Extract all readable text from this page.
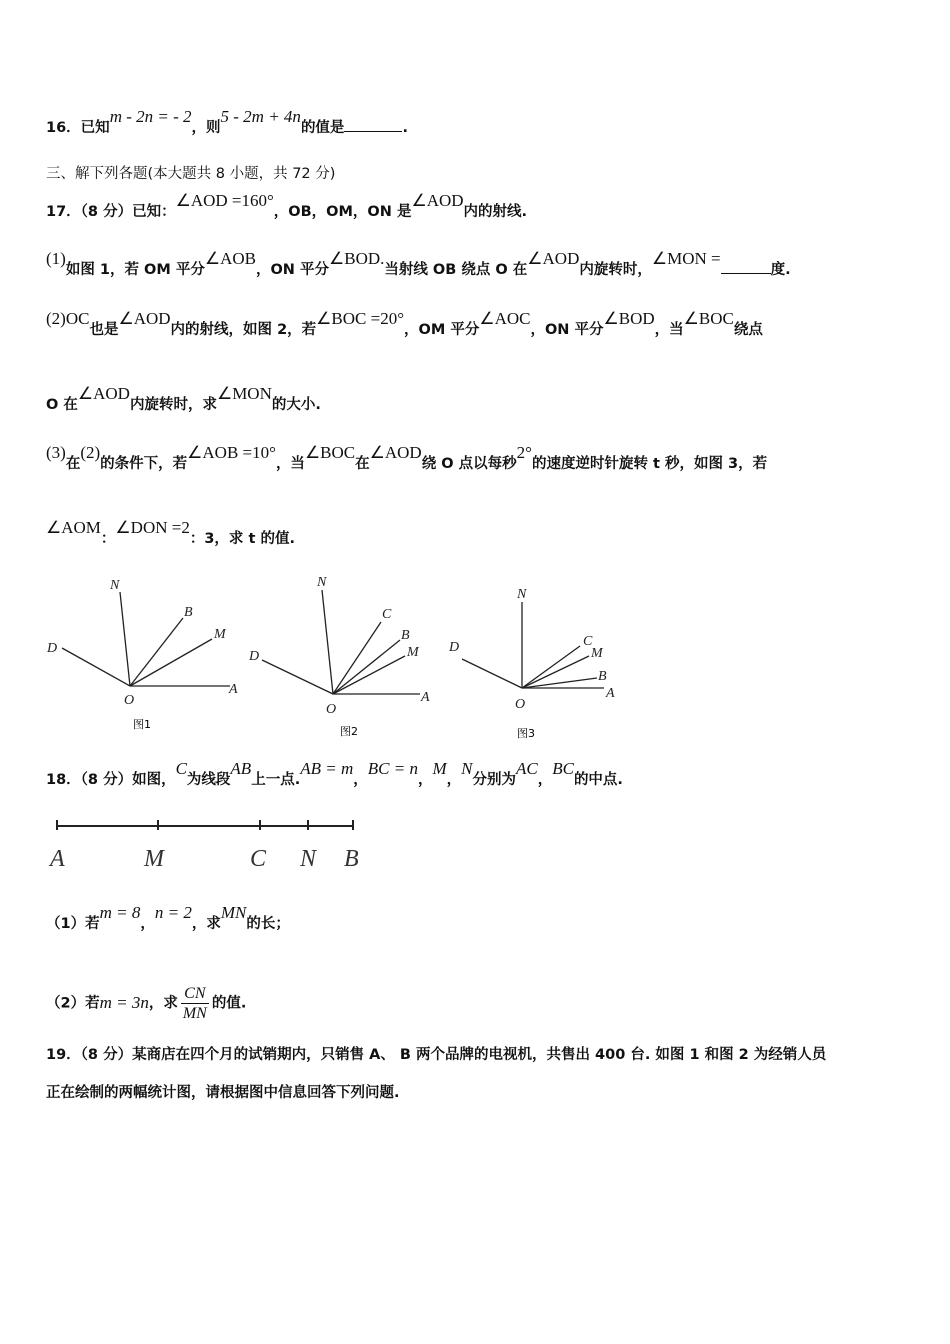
16．已知m - 2n = - 2，则5 - 2m + 4n的值是	.
三、解下列各题(本大题共 8 小题，共 72 分)
17．（8 分）已知：∠AOD =160°，OB，OM，ON 是∠AOD内的射线.
(1)如图 1，若 OM 平分∠AOB，ON 平分∠BOD.当射线 OB 绕点 O 在∠AOD内旋转时，∠MON =度.
(2)OC也是∠AOD内的射线，如图 2，若∠BOC =20°，OM 平分∠AOC，ON 平分∠BOD，当∠BOC绕点
O 在∠AOD内旋转时，求∠MON的大小.
(3)在(2)的条件下，若∠AOB =10°，当∠BOC在∠AOD绕 O 点以每秒2°的速度逆时针旋转 t 秒，如图 3，若
∠AOM：∠DON =2：3，求 t 的值.
N
B
M
D
O
A
N
C
B
M
D
O
A
N
C
M
B
D
O
A
图1
图2	图3
18．（8 分）如图，C为线段AB上一点.AB = m，BC = n，M，N分别为AC，BC的中点.
A	M	C N B
（1）若m = 8，n = 2，求MN的长；
（2）若m = 3n，求 $\frac{CN}{MN}$ 的值.
19．（8 分）某商店在四个月的试销期内，只销售 A、 B 两个品牌的电视机，共售出 400 台. 如图 1 和图 2 为经销人员
正在绘制的两幅统计图，请根据图中信息回答下列问题.
